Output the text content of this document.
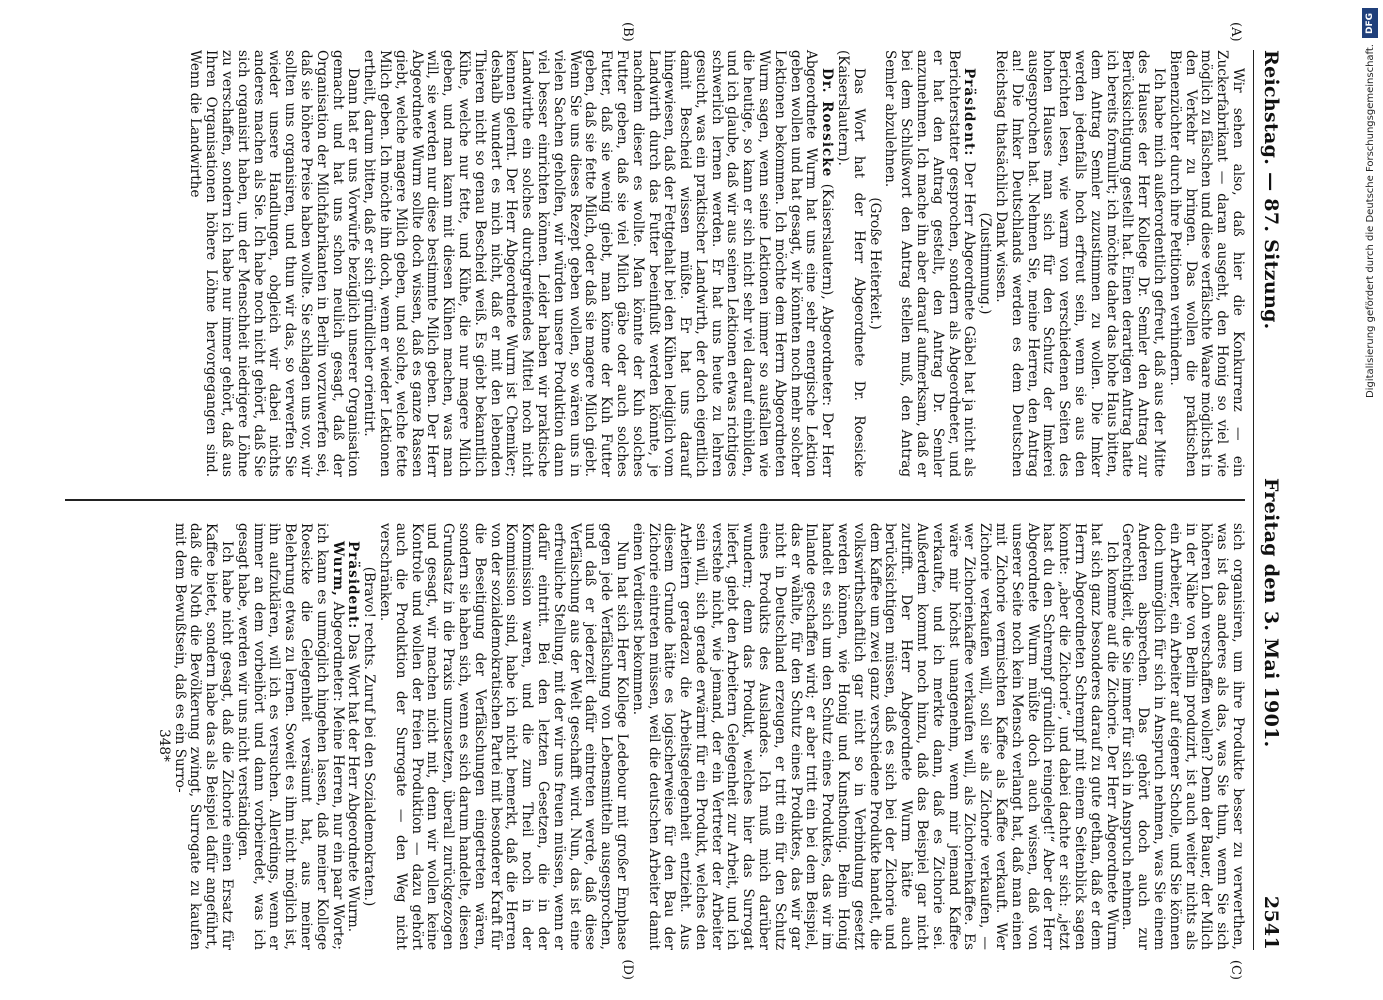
DFG
Digitalisierung gefördert durch die Deutsche Forschungsgemeinschaft.
Reichstag. — 87. Sitzung.
Freitag den 3. Mai 1901.
2541
(A)
(B)

Wir sehen also, daß hier die Konkurrenz — ein Zuckerfabrikant — daran ausgeht, den Honig so viel wie möglich zu fälschen und diese verfälschte Waare möglichst in den Verkehr zu bringen. Das wollen die praktischen Bienenzüchter durch ihre Petitionen verhindern.

Ich habe mich außerordentlich gefreut, daß aus der Mitte des Hauses der Herr Kollege Dr. Semler den Antrag zur Berücksichtigung gestellt hat. Einen derartigen Antrag hatte ich bereits formulirt; ich möchte daher das hohe Haus bitten, dem Antrag Semler zuzustimmen zu wollen. Die Imker werden jedenfalls hoch erfreut sein, wenn sie aus den Berichten lesen, wie warm von verschiedenen Seiten des hohen Hauses man sich für den Schutz der Imkerei ausgesprochen hat. Nehmen Sie, meine Herren, den Antrag an! Die Imker Deutschlands werden es dem Deutschen Reichstag thatsächlich Dank wissen.

(Zustimmung.)

Präsident: Der Herr Abgeordnete Gäbel hat ja nicht als Berichterstatter gesprochen, sondern als Abgeordneter, und er hat den Antrag gestellt, den Antrag Dr. Semler anzunehmen. Ich mache ihn aber darauf aufmerksam, daß er bei dem Schlußwort den Antrag stellen muß, den Antrag Semler abzulehnen.

(Große Heiterkeit.)

Das Wort hat der Herr Abgeordnete Dr. Roesicke (Kaiserslautern).

Dr. Roesicke (Kaiserslautern), Abgeordneter: Der Herr Abgeordnete Wurm hat uns eine sehr energische Lektion geben wollen und hat gesagt, wir könnten noch mehr solcher Lektionen bekommen. Ich möchte dem Herrn Abgeordneten Wurm sagen, wenn seine Lektionen immer so ausfallen wie die heutige, so kann er sich nicht sehr viel darauf einbilden, und ich glaube, daß wir aus seinen Lektionen etwas richtiges schwerlich lernen werden. Er hat uns heute zu lehren gesucht, was ein praktischer Landwirth, der doch eigentlich damit Bescheid wissen müßte. Er hat uns darauf hingewiesen, daß der Fettgehalt bei den Kühen lediglich vom Landwirth durch das Futter beeinflußt werden könnte, je nachdem dieser es wollte. Man könnte der Kuh solches Futter geben, daß sie viel Milch gäbe oder auch solches Futter, daß sie wenig giebt, man könne der Kuh Futter geben, daß sie fette Milch, oder daß sie magere Milch giebt. Wenn Sie uns dieses Rezept geben wollen, so wären uns in vielen Sachen geholfen, wir würden unsere Produktion dann viel besser einrichten können. Leider haben wir praktische Landwirthe ein solches durchgreifendes Mittel noch nicht kennen gelernt. Der Herr Abgeordnete Wurm ist Chemiker; deshalb wundert es mich nicht, daß er mit den lebenden Thieren nicht so genau Bescheid weiß. Es giebt bekanntlich Kühe, welche nur fette, und Kühe, die nur magere Milch geben, und man kann mit diesen Kühen machen, was man will, sie werden nur diese bestimmte Milch geben. Der Herr Abgeordnete Wurm sollte doch wissen, daß es ganze Rassen giebt, welche magere Milch geben, und solche, welche fette Milch geben. Ich möchte ihn doch, wenn er wieder Lektionen ertheilt, darum bitten, daß er sich gründlicher orientirt.

Dann hat er uns Vorwürfe bezüglich unserer Organisation gemacht und hat uns schon neulich gesagt, daß der Organisation der Milchfabrikanten in Berlin vorzuwerfen sei, daß sie höhere Preise haben wollte. Sie schlagen uns vor, wir sollten uns organisiren, und thun wir das, so verwerfen Sie wieder unsere Handlungen, obgleich wir dabei nichts anderes machen als Sie. Ich habe noch nicht gehört, daß Sie sich organisirt haben, um der Menschheit niedrigere Löhne zu verschaffen, sondern ich habe nur immer gehört, daß aus Ihren Organisationen höhere Löhne hervorgegangen sind. Wenn die Landwirthe

(C)
(D)

sich organisiren, um ihre Produkte besser zu verwerthen, was ist das anderes als das, was Sie thun, wenn Sie sich höheren Lohn verschaffen wollen? Denn der Bauer, der Milch in der Nähe von Berlin produzirt, ist auch weiter nichts als ein Arbeiter, ein Arbeiter auf eigener Scholle, und Sie können doch unmöglich für sich in Anspruch nehmen, was Sie einem Anderen absprechen. Das gehört doch auch zur Gerechtigkeit, die Sie immer für sich in Anspruch nehmen.

Ich komme auf die Zichorie. Der Herr Abgeordnete Wurm hat sich ganz besonderes darauf zu gute gethan, daß er dem Herrn Abgeordneten Schrempf mit einem Seitenblick sagen konnte: „aber die Zichorie“, und dabei dachte er sich: „jetzt hast du den Schrempf gründlich reingelegt!“ Aber der Herr Abgeordnete Wurm müßte doch auch wissen, daß von unserer Seite noch kein Mensch verlangt hat, daß man einen mit Zichorie vermischten Kaffee als Kaffee verkauft. Wer Zichorie verkaufen will, soll sie als Zichorie verkaufen, — wer Zichorienkaffee verkaufen will, als Zichorienkaffee. Es wäre mir höchst unangenehm, wenn mir jemand Kaffee verkaufte, und ich merkte dann, daß es Zichorie sei. Außerdem kommt noch hinzu, daß das Beispiel gar nicht zutrifft. Der Herr Abgeordnete Wurm hätte auch berücksichtigen müssen, daß es sich bei der Zichorie und dem Kaffee um zwei ganz verschiedene Produkte handelt, die volkswirthschaftlich gar nicht so in Verbindung gesetzt werden können, wie Honig und Kunsthonig. Beim Honig handelt es sich um den Schutz eines Produktes, das wir im Inlande geschaffen wird; er aber tritt ein bei dem Beispiel, das er wählte, für den Schutz eines Produktes, das wir gar nicht in Deutschland erzeugen, er tritt ein für den Schutz eines Produkts des Auslandes. Ich muß mich darüber wundern; denn das Produkt, welches hier das Surrogat liefert, giebt den Arbeitern Gelegenheit zur Arbeit, und ich verstehe nicht, wie jemand, der ein Vertreter der Arbeiter sein will, sich gerade erwärmt für ein Produkt, welches den Arbeitern geradezu die Arbeitsgelegenheit entzieht. Aus diesem Grunde hätte es logischerweise für den Bau der Zichorie eintreten müssen, weil die deutschen Arbeiter damit einen Verdienst bekommen.

Nun hat sich Herr Kollege Ledebour mit großer Emphase gegen jede Verfälschung von Lebensmitteln ausgesprochen, und daß er jederzeit dafür eintreten werde, daß diese Verfälschung aus der Welt geschafft wird. Nun, das ist eine erfreuliche Stellung, mit der wir uns freuen müssen, wenn er dafür eintritt. Bei den letzten Gesetzen, die in der Kommission waren, und die zum Theil noch in der Kommission sind, habe ich nicht bemerkt, daß die Herren von der sozialdemokratischen Partei mit besonderer Kraft für die Beseitigung der Verfälschungen eingetreten wären, sondern sie haben sich, wenn es sich darum handelte, diesen Grundsatz in die Praxis umzusetzen, überall zurückgezogen und gesagt, wir machen nicht mit, denn wir wollen keine Kontrole und wollen der freien Produktion — dazu gehört auch die Produktion der Surrogate — den Weg nicht verschränken.

(Bravo! rechts. Zuruf bei den Sozialdemokraten.)

Präsident: Das Wort hat der Herr Abgeordnete Wurm.

Wurm, Abgeordneter: Meine Herren, nur ein paar Worte; ich kann es unmöglich hingehen lassen, daß meiner Kollege Roesicke die Gelegenheit versäumt hat, aus meiner Belehrung etwas zu lernen. Soweit es ihm nicht möglich ist, ihn aufzuklären, will ich es versuchen. Allerdings, wenn er immer an dem vorbeihört und dann vorbeiredet, was ich gesagt habe, werden wir uns nicht verständigen.

Ich habe nicht gesagt, daß die Zichorie einen Ersatz für Kaffee bietet, sondern habe das als Beispiel dafür angeführt, daß die Noth die Bevölkerung zwingt, Surrogate zu kaufen mit dem Bewußtsein, daß es ein Surro-

348*
